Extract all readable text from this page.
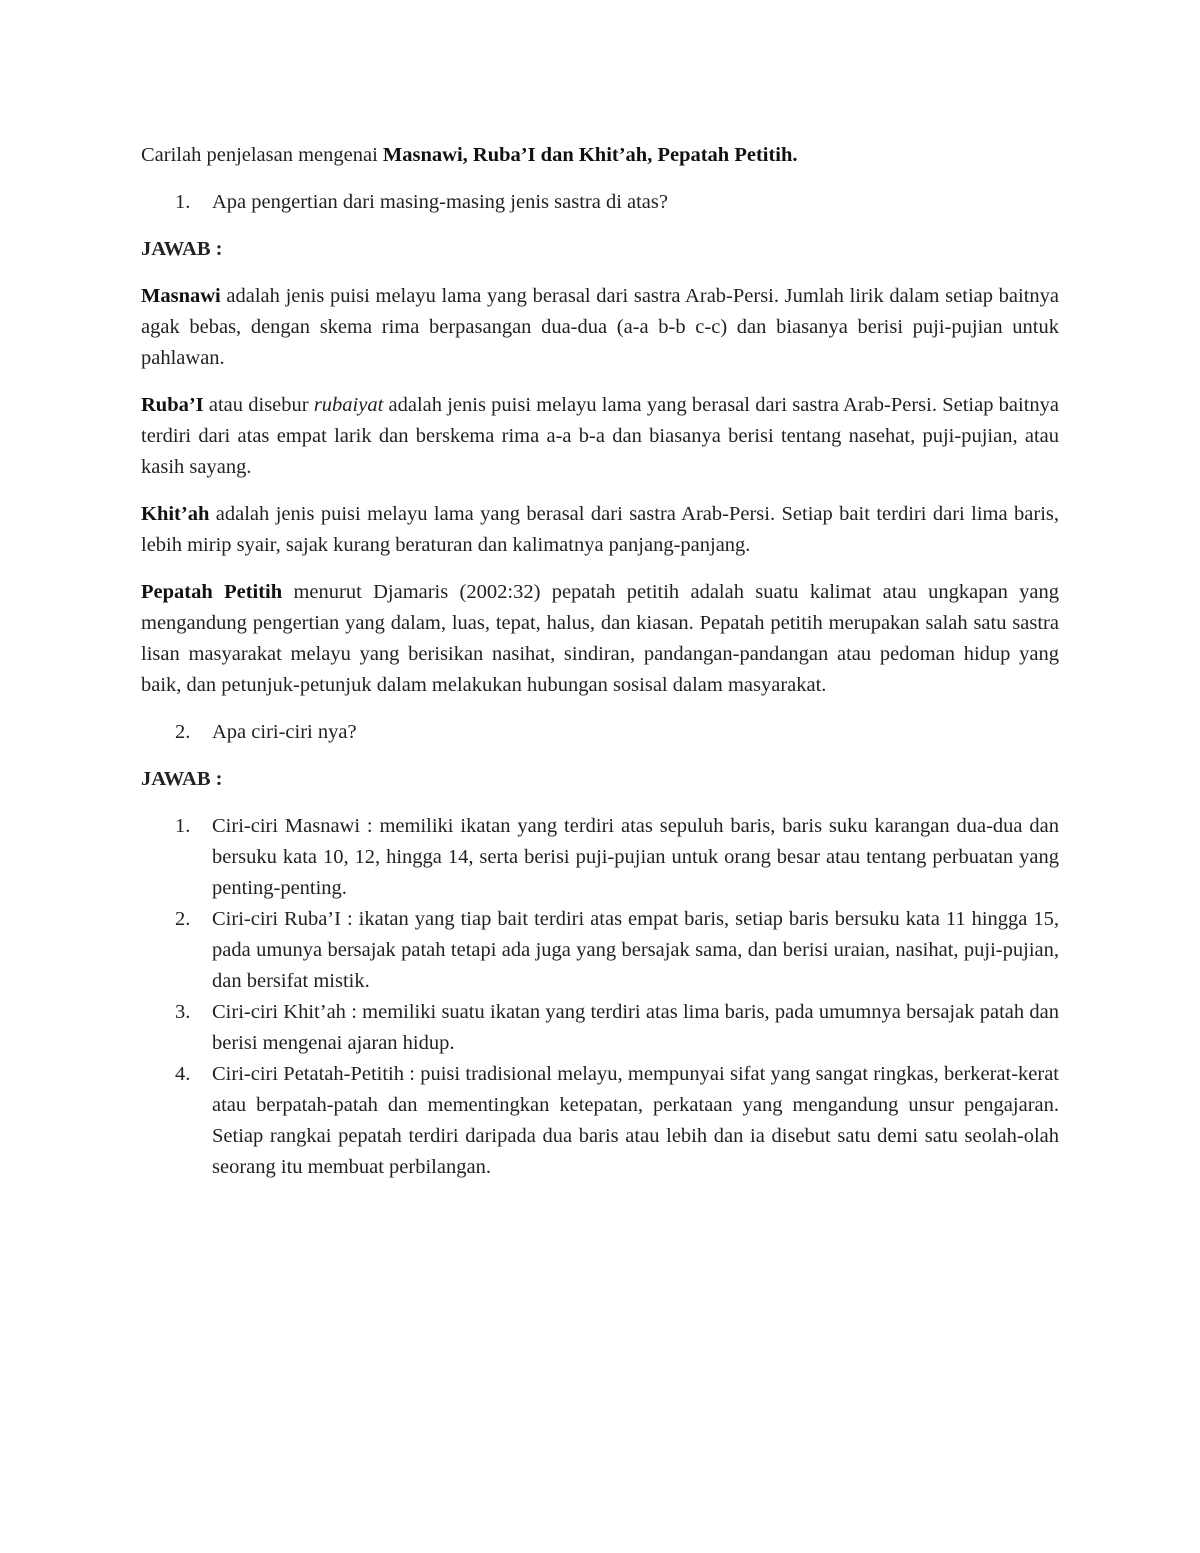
Carilah penjelasan mengenai Masnawi, Ruba’I dan Khit’ah, Pepatah Petitih.

1. Apa pengertian dari masing-masing jenis sastra di atas?

JAWAB :

Masnawi adalah jenis puisi melayu lama yang berasal dari sastra Arab-Persi. Jumlah lirik dalam setiap baitnya agak bebas, dengan skema rima berpasangan dua-dua (a-a b-b c-c) dan biasanya berisi puji-pujian untuk pahlawan.

Ruba’I atau disebur rubaiyat adalah jenis puisi melayu lama yang berasal dari sastra Arab-Persi. Setiap baitnya terdiri dari atas empat larik dan berskema rima a-a b-a dan biasanya berisi tentang nasehat, puji-pujian, atau kasih sayang.

Khit’ah adalah jenis puisi melayu lama yang berasal dari sastra Arab-Persi. Setiap bait terdiri dari lima baris, lebih mirip syair, sajak kurang beraturan dan kalimatnya panjang-panjang.

Pepatah Petitih menurut Djamaris (2002:32) pepatah petitih adalah suatu kalimat atau ungkapan yang mengandung pengertian yang dalam, luas, tepat, halus, dan kiasan. Pepatah petitih merupakan salah satu sastra lisan masyarakat melayu yang berisikan nasihat, sindiran, pandangan-pandangan atau pedoman hidup yang baik, dan petunjuk-petunjuk dalam melakukan hubungan sosisal dalam masyarakat.

2. Apa ciri-ciri nya?

JAWAB :

1. Ciri-ciri Masnawi : memiliki ikatan yang terdiri atas sepuluh baris, baris suku karangan dua-dua dan bersuku kata 10, 12, hingga 14, serta berisi puji-pujian untuk orang besar atau tentang perbuatan yang penting-penting.
2. Ciri-ciri Ruba’I : ikatan yang tiap bait terdiri atas empat baris, setiap baris bersuku kata 11 hingga 15, pada umunya bersajak patah tetapi ada juga yang bersajak sama, dan berisi uraian, nasihat, puji-pujian, dan bersifat mistik.
3. Ciri-ciri Khit’ah : memiliki suatu ikatan yang terdiri atas lima baris, pada umumnya bersajak patah dan berisi mengenai ajaran hidup.
4. Ciri-ciri Petatah-Petitih : puisi tradisional melayu, mempunyai sifat yang sangat ringkas, berkerat-kerat atau berpatah-patah dan mementingkan ketepatan, perkataan yang mengandung unsur pengajaran. Setiap rangkai pepatah terdiri daripada dua baris atau lebih dan ia disebut satu demi satu seolah-olah seorang itu membuat perbilangan.
